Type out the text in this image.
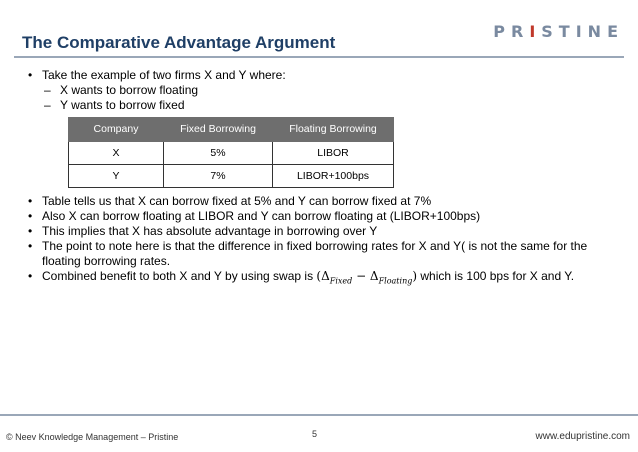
The Comparative Advantage Argument
PRISTINE

• Take the example of two firms X and Y where:

– X wants to borrow floating

– Y wants to borrow fixed

Company	Fixed Borrowing	Floating Borrowing
X	5%	LIBOR
Y	7%	LIBOR+100bps

• Table tells us that X can borrow fixed at 5% and Y can borrow fixed at 7%

• Also X can borrow floating at LIBOR and Y can borrow floating at (LIBOR+100bps)

• This implies that X has absolute advantage in borrowing over Y

• The point to note here is that the difference in fixed borrowing rates for X and Y( is not the same for the floating borrowing rates.

• Combined benefit to both X and Y by using swap is $(\Delta_{Fixed} - \Delta_{Floating})$ which is 100 bps for X and Y.

© Neev Knowledge Management – Pristine	5	www.edupristine.com
